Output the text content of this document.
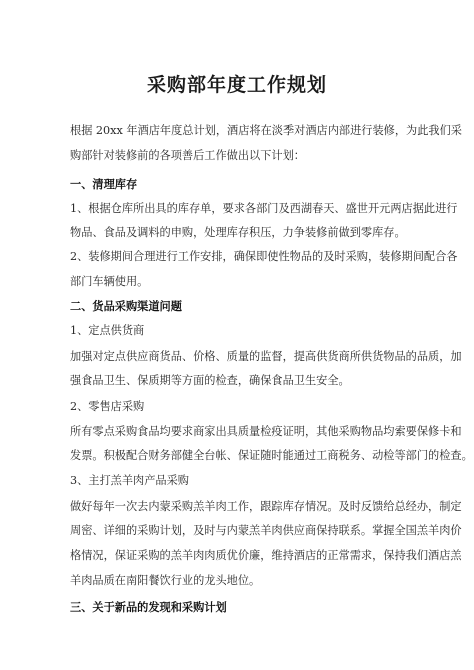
采购部年度工作规划
根据 20xx 年酒店年度总计划，酒店将在淡季对酒店内部进行装修，为此我们采
购部针对装修前的各项善后工作做出以下计划：
一、清理库存
1、根据仓库所出具的库存单，要求各部门及西湖春天、盛世开元两店据此进行
物品、食品及调料的申购，处理库存积压，力争装修前做到零库存。
2、装修期间合理进行工作安排，确保即使性物品的及时采购，装修期间配合各
部门车辆使用。
二、货品采购渠道问题
1、定点供货商
加强对定点供应商货品、价格、质量的监督，提高供货商所供货物品的品质，加
强食品卫生、保质期等方面的检查，确保食品卫生安全。
2、零售店采购
所有零点采购食品均要求商家出具质量检疫证明，其他采购物品均索要保修卡和
发票。积极配合财务部健全台帐、保证随时能通过工商税务、动检等部门的检查。
3、主打羔羊肉产品采购
做好每年一次去内蒙采购羔羊肉工作，跟踪库存情况。及时反馈给总经办，制定
周密、详细的采购计划，及时与内蒙羔羊肉供应商保持联系。掌握全国羔羊肉价
格情况，保证采购的羔羊肉肉质优价廉，维持酒店的正常需求，保持我们酒店羔
羊肉品质在南阳餐饮行业的龙头地位。
三、关于新品的发现和采购计划
